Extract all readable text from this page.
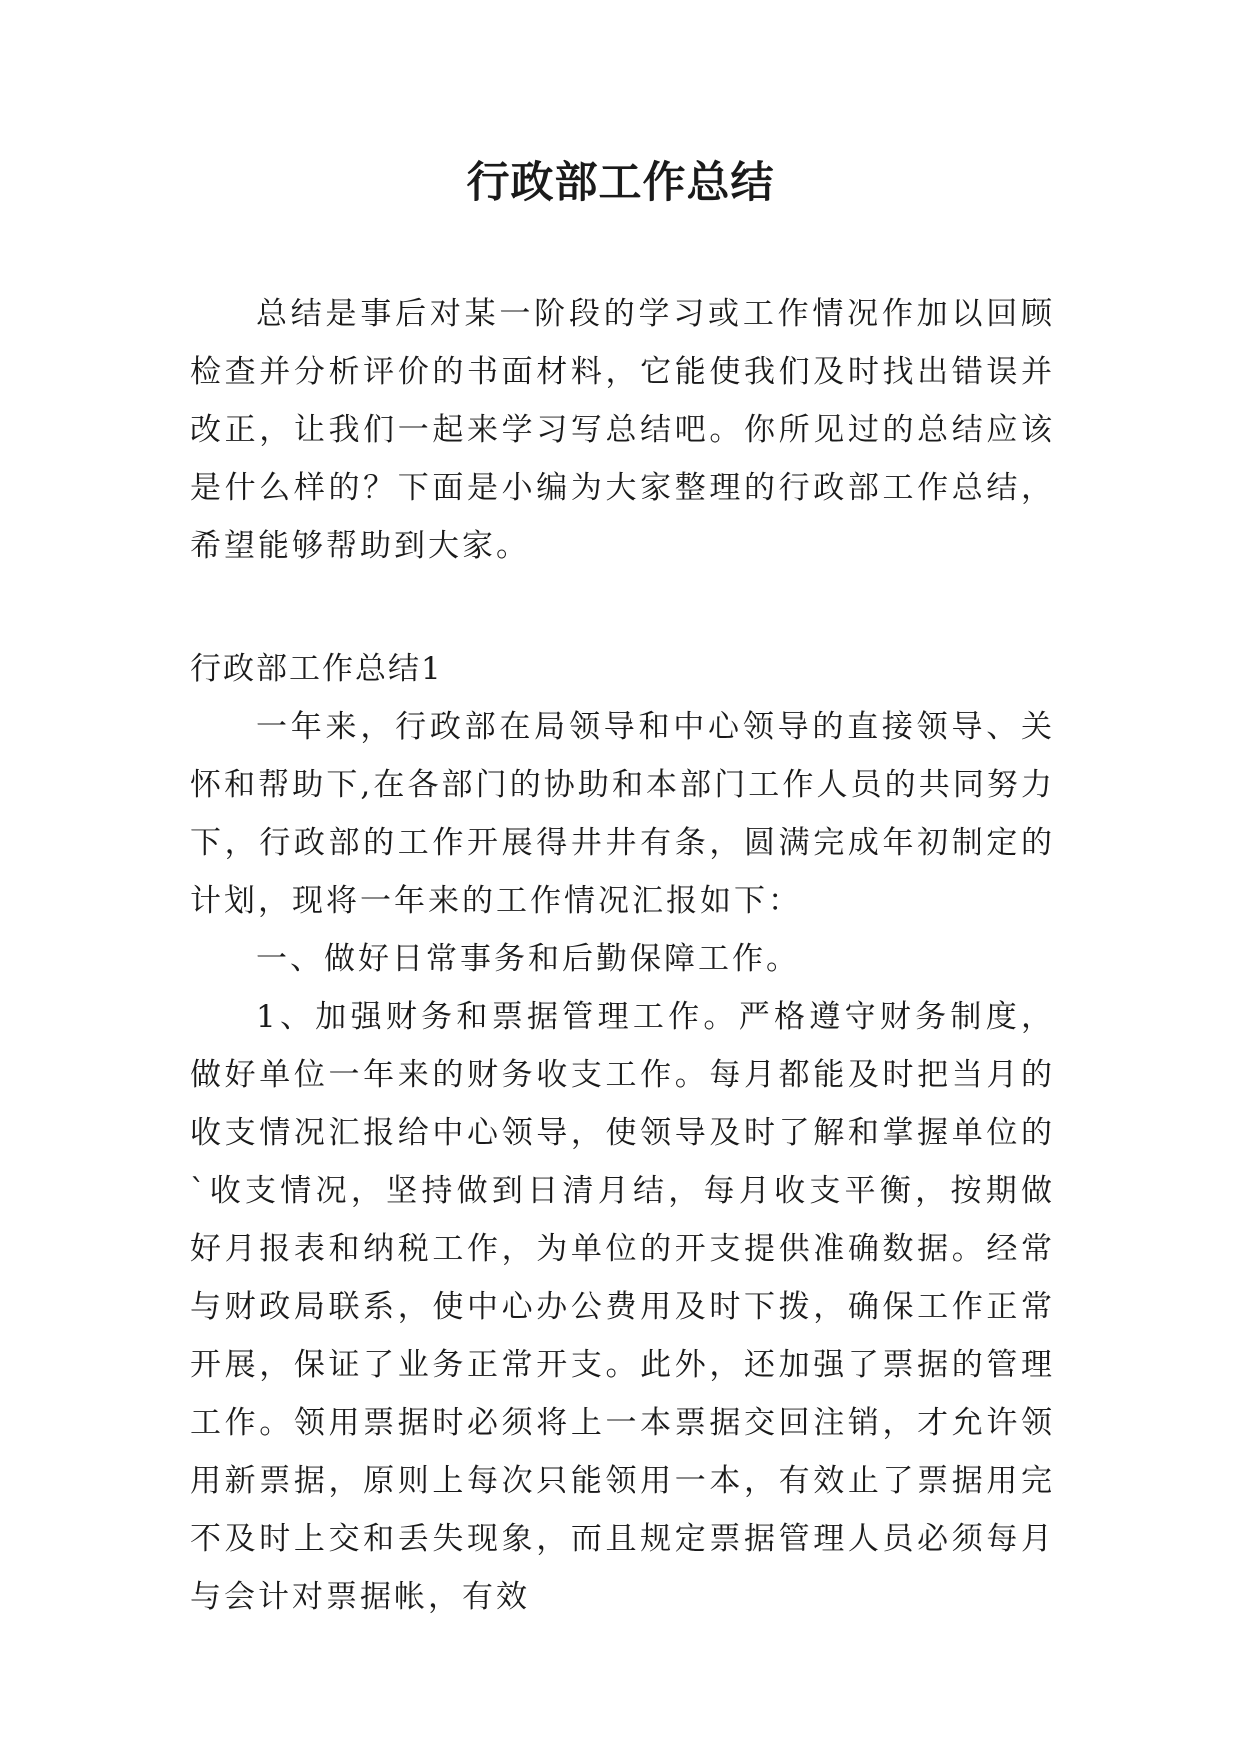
行政部工作总结

总结是事后对某一阶段的学习或工作情况作加以回顾检查并分析评价的书面材料，它能使我们及时找出错误并改正，让我们一起来学习写总结吧。你所见过的总结应该是什么样的？下面是小编为大家整理的行政部工作总结，希望能够帮助到大家。

行政部工作总结1

一年来，行政部在局领导和中心领导的直接领导、关怀和帮助下,在各部门的协助和本部门工作人员的共同努力下，行政部的工作开展得井井有条，圆满完成年初制定的计划，现将一年来的工作情况汇报如下：

一、做好日常事务和后勤保障工作。

1、加强财务和票据管理工作。严格遵守财务制度，做好单位一年来的财务收支工作。每月都能及时把当月的收支情况汇报给中心领导，使领导及时了解和掌握单位的`收支情况，坚持做到日清月结，每月收支平衡，按期做好月报表和纳税工作，为单位的开支提供准确数据。经常与财政局联系，使中心办公费用及时下拨，确保工作正常开展，保证了业务正常开支。此外，还加强了票据的管理工作。领用票据时必须将上一本票据交回注销，才允许领用新票据，原则上每次只能领用一本，有效止了票据用完不及时上交和丢失现象，而且规定票据管理人员必须每月与会计对票据帐，有效
